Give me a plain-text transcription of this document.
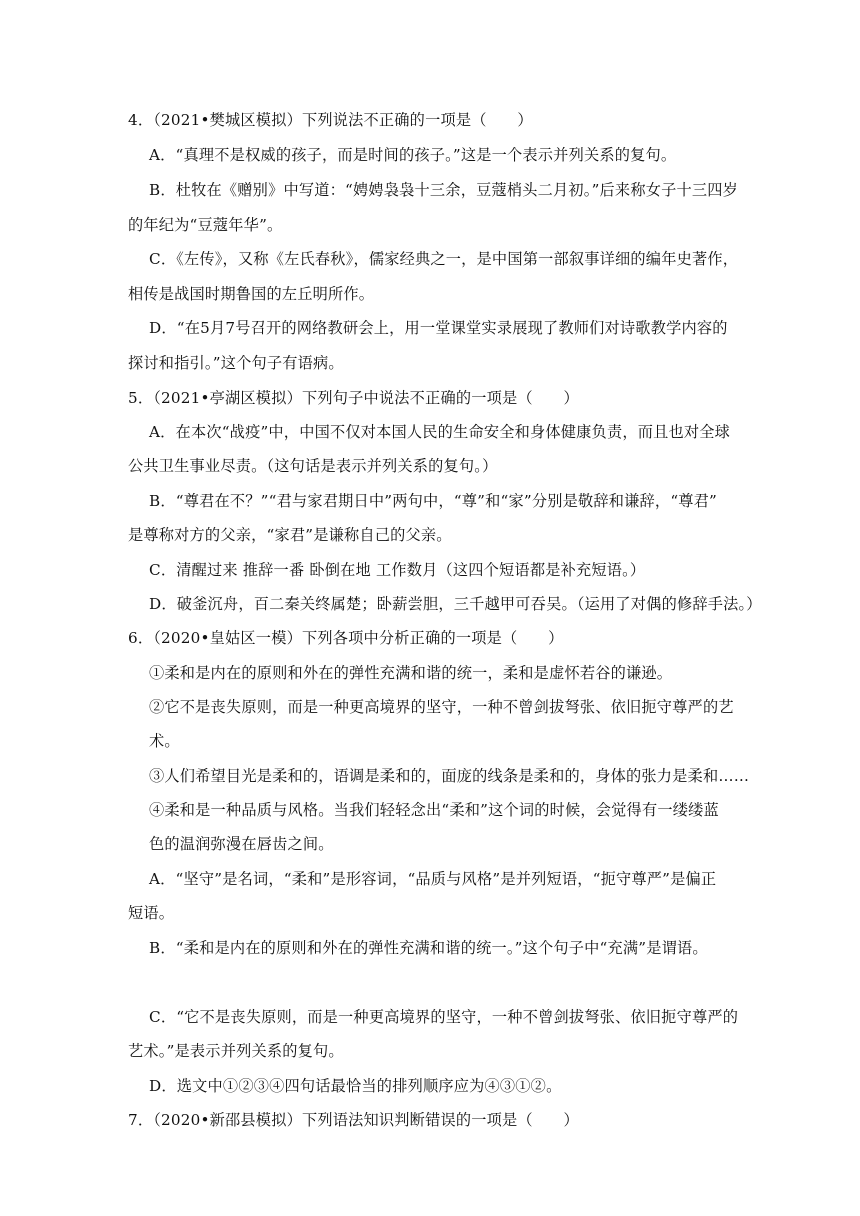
4．（2021•樊城区模拟）下列说法不正确的一项是（　　）
A．“真理不是权威的孩子，而是时间的孩子。”这是一个表示并列关系的复句。
B．杜牧在《赠别》中写道：“娉娉袅袅十三余，豆蔻梢头二月初。”后来称女子十三四岁
的年纪为“豆蔻年华”。
C．《左传》，又称《左氏春秋》，儒家经典之一，是中国第一部叙事详细的编年史著作，
相传是战国时期鲁国的左丘明所作。
D．“在5月7号召开的网络教研会上，用一堂课堂实录展现了教师们对诗歌教学内容的
探讨和指引。”这个句子有语病。
5．（2021•亭湖区模拟）下列句子中说法不正确的一项是（　　）
A．在本次“战疫”中，中国不仅对本国人民的生命安全和身体健康负责，而且也对全球
公共卫生事业尽责。（这句话是表示并列关系的复句。）
B．“尊君在不？”“君与家君期日中”两句中，“尊”和“家”分别是敬辞和谦辞，“尊君”
是尊称对方的父亲，“家君”是谦称自己的父亲。
C．清醒过来 推辞一番 卧倒在地 工作数月（这四个短语都是补充短语。）
D．破釜沉舟，百二秦关终属楚；卧薪尝胆，三千越甲可吞吴。（运用了对偶的修辞手法。）
6．（2020•皇姑区一模）下列各项中分析正确的一项是（　　）
①柔和是内在的原则和外在的弹性充满和谐的统一，柔和是虚怀若谷的谦逊。
②它不是丧失原则，而是一种更高境界的坚守，一种不曾剑拔弩张、依旧扼守尊严的艺
术。
③人们希望目光是柔和的，语调是柔和的，面庞的线条是柔和的，身体的张力是柔和……
④柔和是一种品质与风格。当我们轻轻念出“柔和”这个词的时候，会觉得有一缕缕蓝
色的温润弥漫在唇齿之间。
A．“坚守”是名词，“柔和”是形容词，“品质与风格”是并列短语，“扼守尊严”是偏正
短语。
B．“柔和是内在的原则和外在的弹性充满和谐的统一。”这个句子中“充满”是谓语。
C．“它不是丧失原则，而是一种更高境界的坚守，一种不曾剑拔弩张、依旧扼守尊严的
艺术。”是表示并列关系的复句。
D．选文中①②③④四句话最恰当的排列顺序应为④③①②。
7．（2020•新邵县模拟）下列语法知识判断错误的一项是（　　）
